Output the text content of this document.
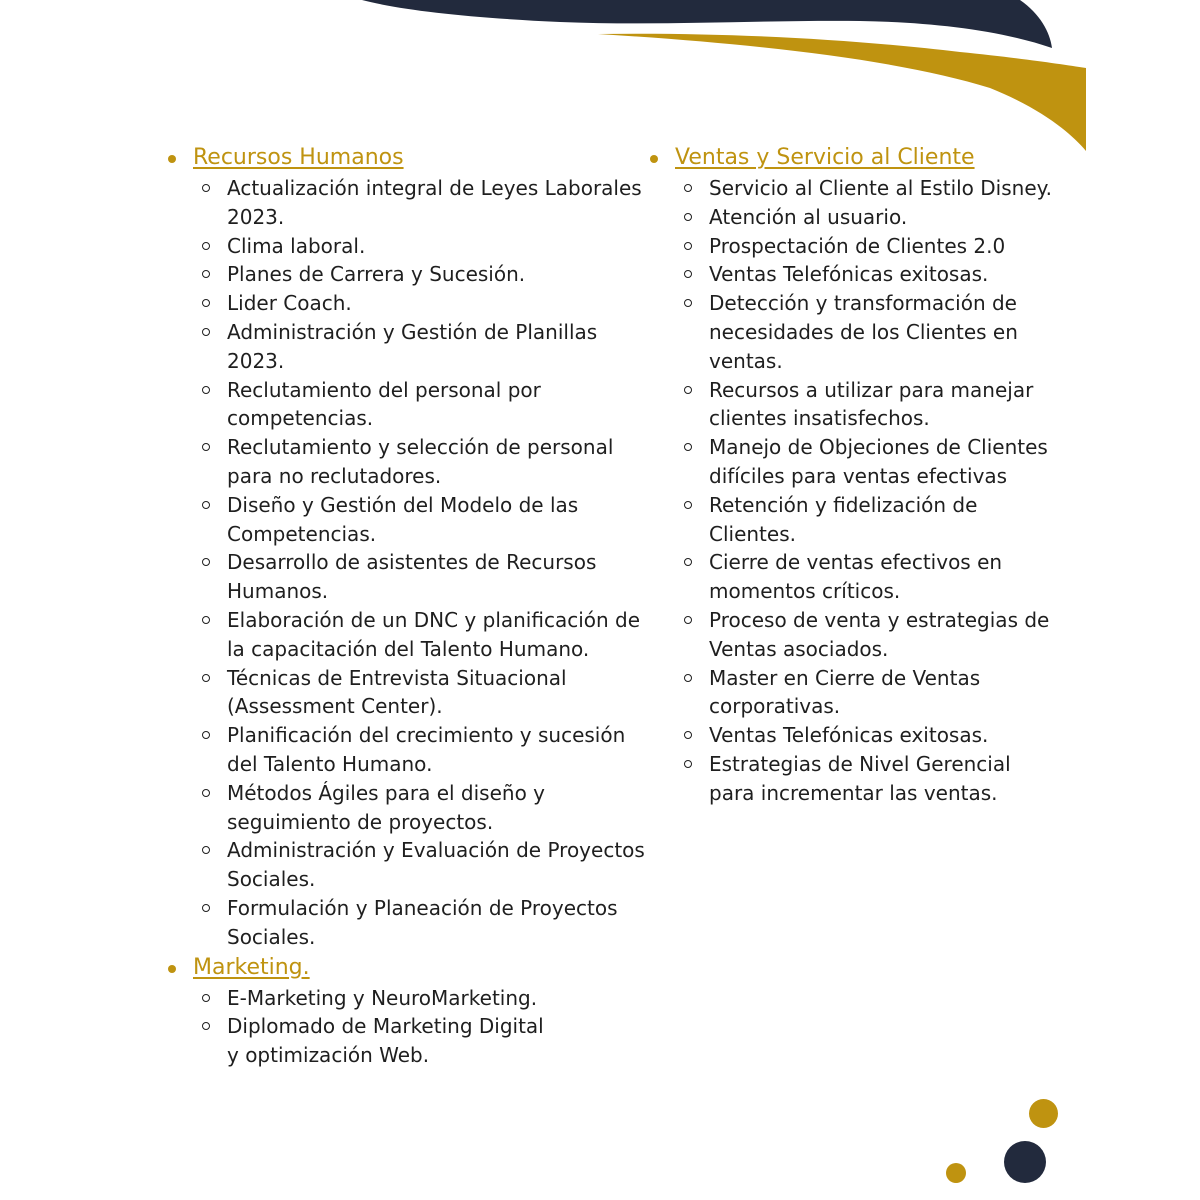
Recursos Humanos
Actualización integral de Leyes Laborales 2023.
Clima laboral.
Planes de Carrera y Sucesión.
Lider Coach.
Administración y Gestión de Planillas 2023.
Reclutamiento del personal por competencias.
Reclutamiento y selección de personal para no reclutadores.
Diseño y Gestión del Modelo de las Competencias.
Desarrollo de asistentes de Recursos Humanos.
Elaboración de un DNC y planificación de la capacitación del Talento Humano.
Técnicas de Entrevista Situacional (Assessment Center).
Planificación del crecimiento y sucesión del Talento Humano.
Métodos Ágiles para el diseño y seguimiento de proyectos.
Administración y Evaluación de Proyectos Sociales.
Formulación y Planeación de Proyectos Sociales.
Marketing.
E-Marketing y NeuroMarketing.
Diplomado de Marketing Digital
y optimización Web.
Ventas y Servicio al Cliente
Servicio al Cliente al Estilo Disney.
Atención al usuario.
Prospectación de Clientes 2.0
Ventas Telefónicas exitosas.
Detección y transformación de necesidades de los Clientes en ventas.
Recursos a utilizar para manejar clientes insatisfechos.
Manejo de Objeciones de Clientes difíciles para ventas efectivas
Retención y fidelización de Clientes.
Cierre de ventas efectivos en momentos críticos.
Proceso de venta y estrategias de Ventas asociados.
Master en Cierre de Ventas corporativas.
Ventas Telefónicas exitosas.
Estrategias de Nivel Gerencial para incrementar las ventas.
